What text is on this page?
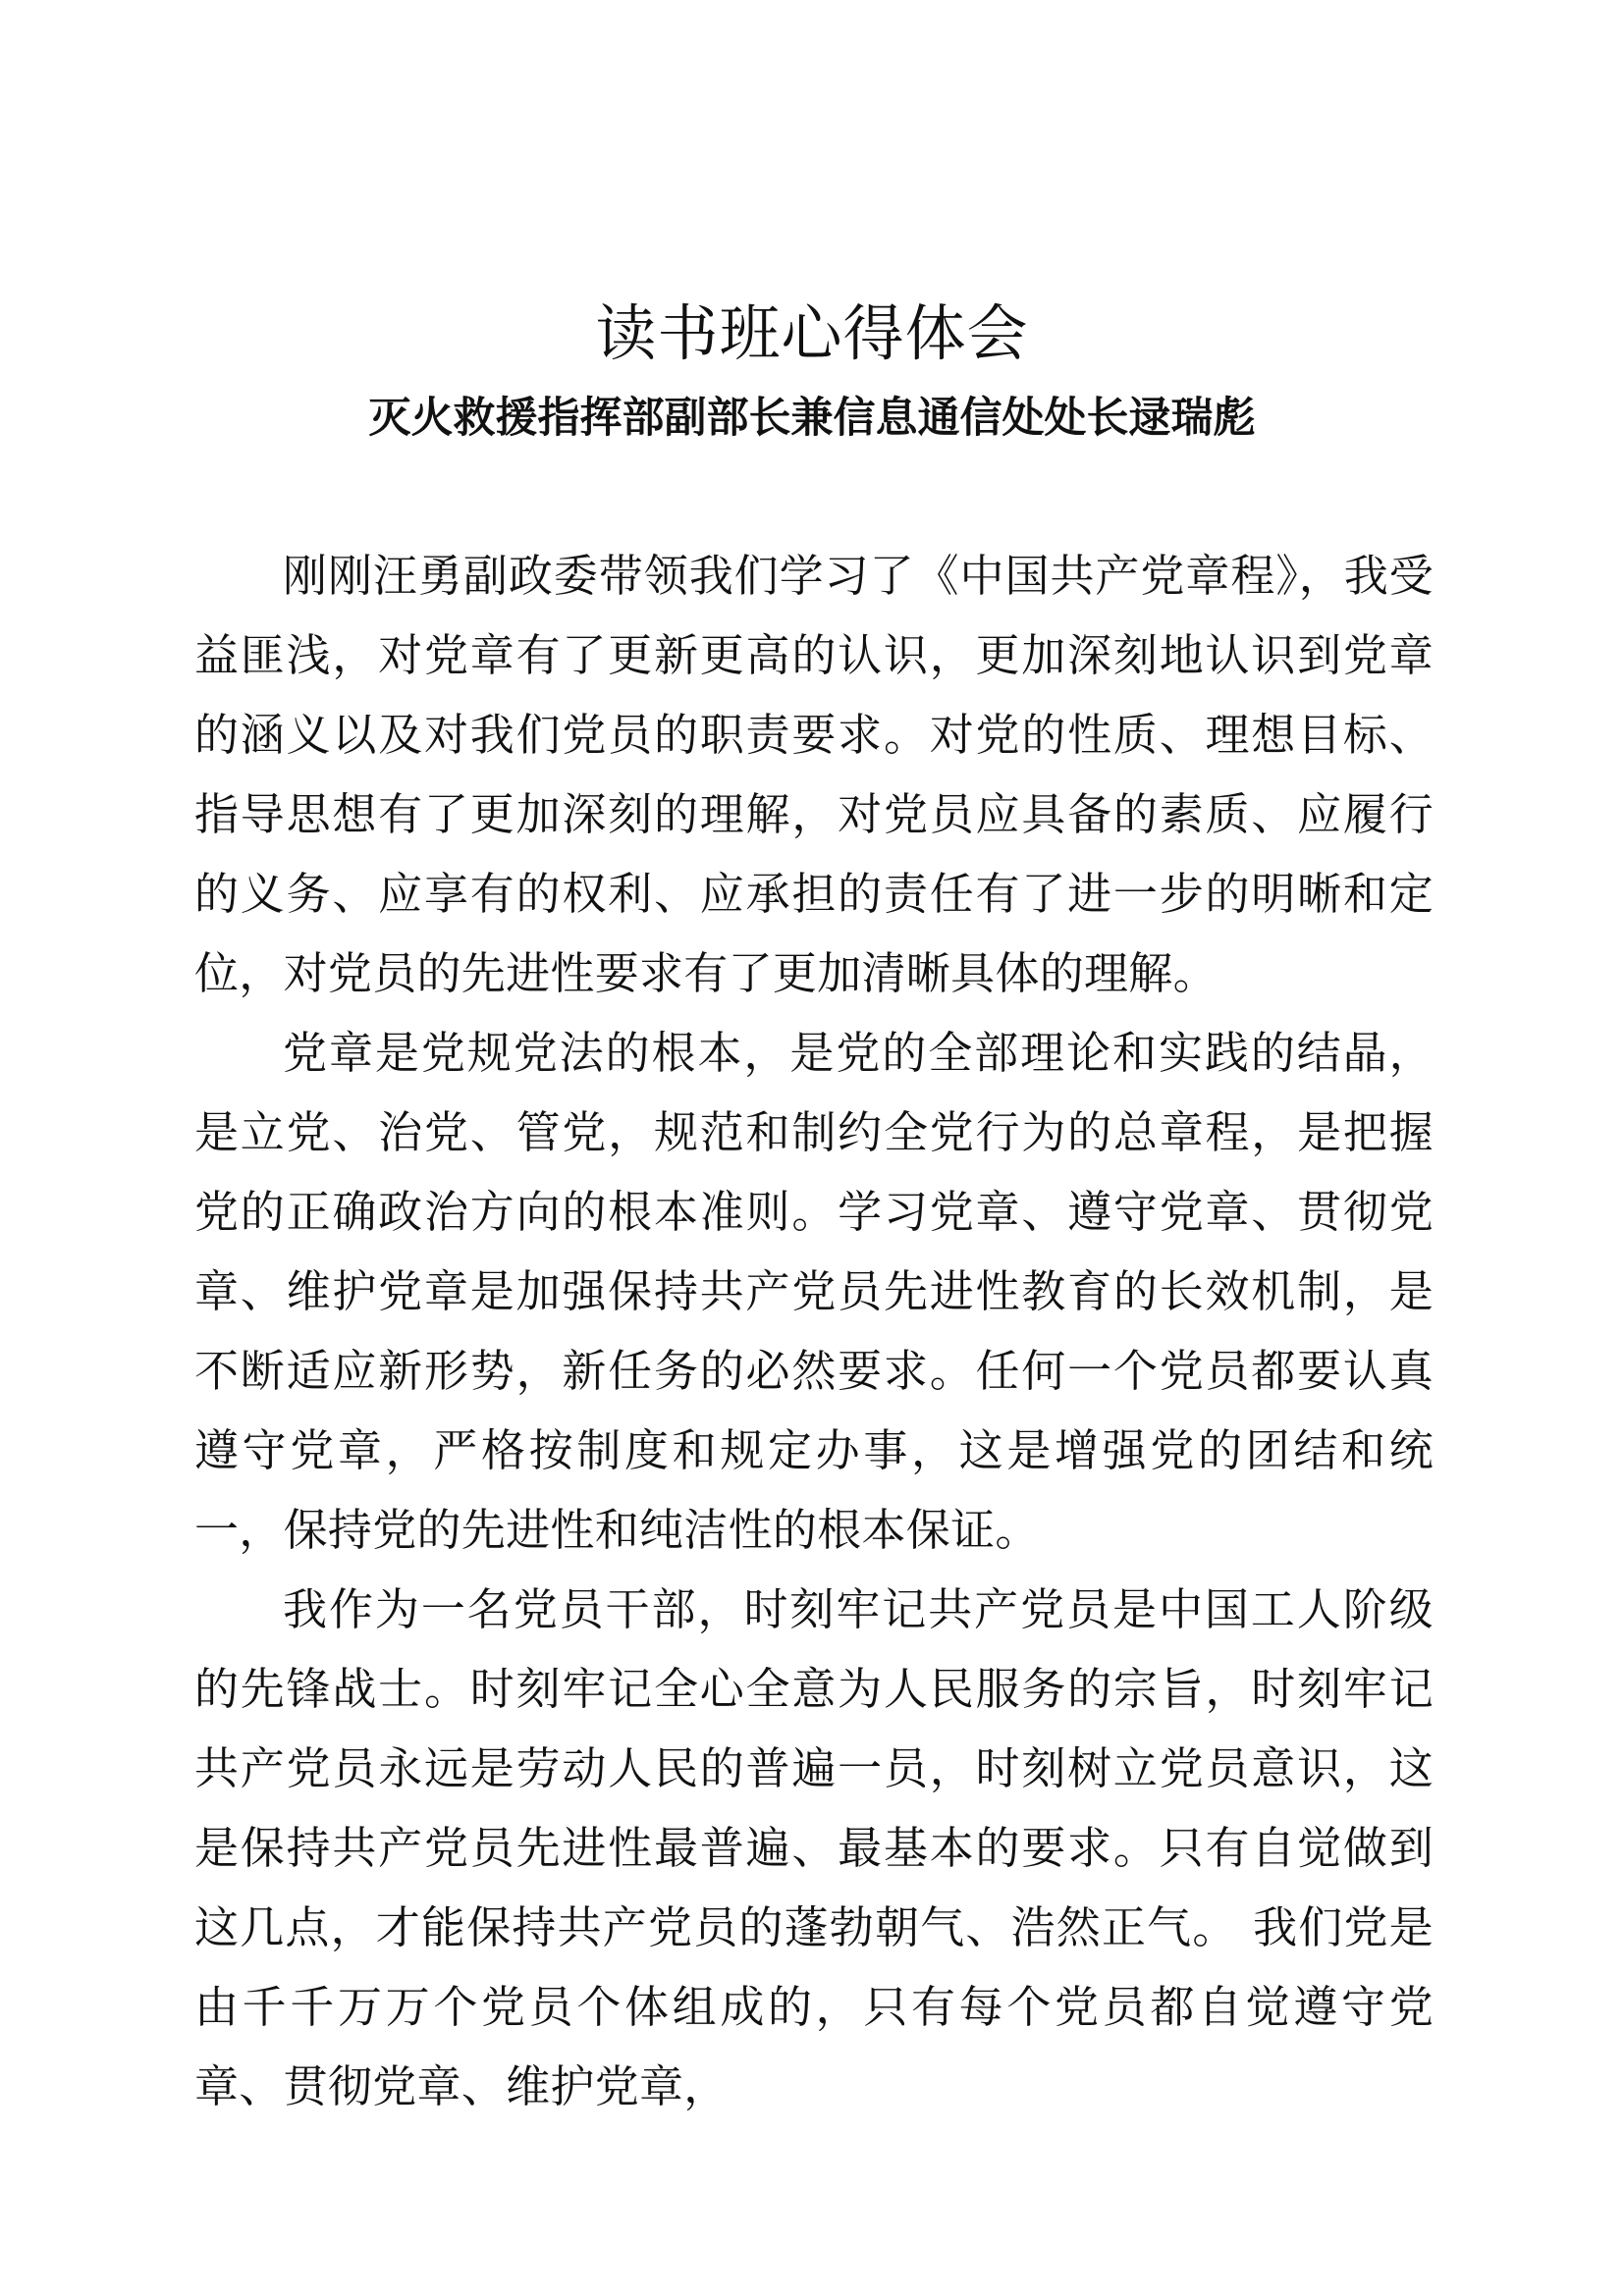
读书班心得体会
灭火救援指挥部副部长兼信息通信处处长逯瑞彪

刚刚汪勇副政委带领我们学习了《中国共产党章程》，我受益匪浅，对党章有了更新更高的认识，更加深刻地认识到党章的涵义以及对我们党员的职责要求。对党的性质、理想目标、指导思想有了更加深刻的理解，对党员应具备的素质、应履行的义务、应享有的权利、应承担的责任有了进一步的明晰和定位，对党员的先进性要求有了更加清晰具体的理解。

党章是党规党法的根本，是党的全部理论和实践的结晶，是立党、治党、管党，规范和制约全党行为的总章程，是把握党的正确政治方向的根本准则。学习党章、遵守党章、贯彻党章、维护党章是加强保持共产党员先进性教育的长效机制，是不断适应新形势，新任务的必然要求。任何一个党员都要认真遵守党章，严格按制度和规定办事，这是增强党的团结和统一，保持党的先进性和纯洁性的根本保证。

我作为一名党员干部，时刻牢记共产党员是中国工人阶级的先锋战士。时刻牢记全心全意为人民服务的宗旨，时刻牢记共产党员永远是劳动人民的普遍一员，时刻树立党员意识，这是保持共产党员先进性最普遍、最基本的要求。只有自觉做到这几点，才能保持共产党员的蓬勃朝气、浩然正气。 我们党是由千千万万个党员个体组成的，只有每个党员都自觉遵守党章、贯彻党章、维护党章，
